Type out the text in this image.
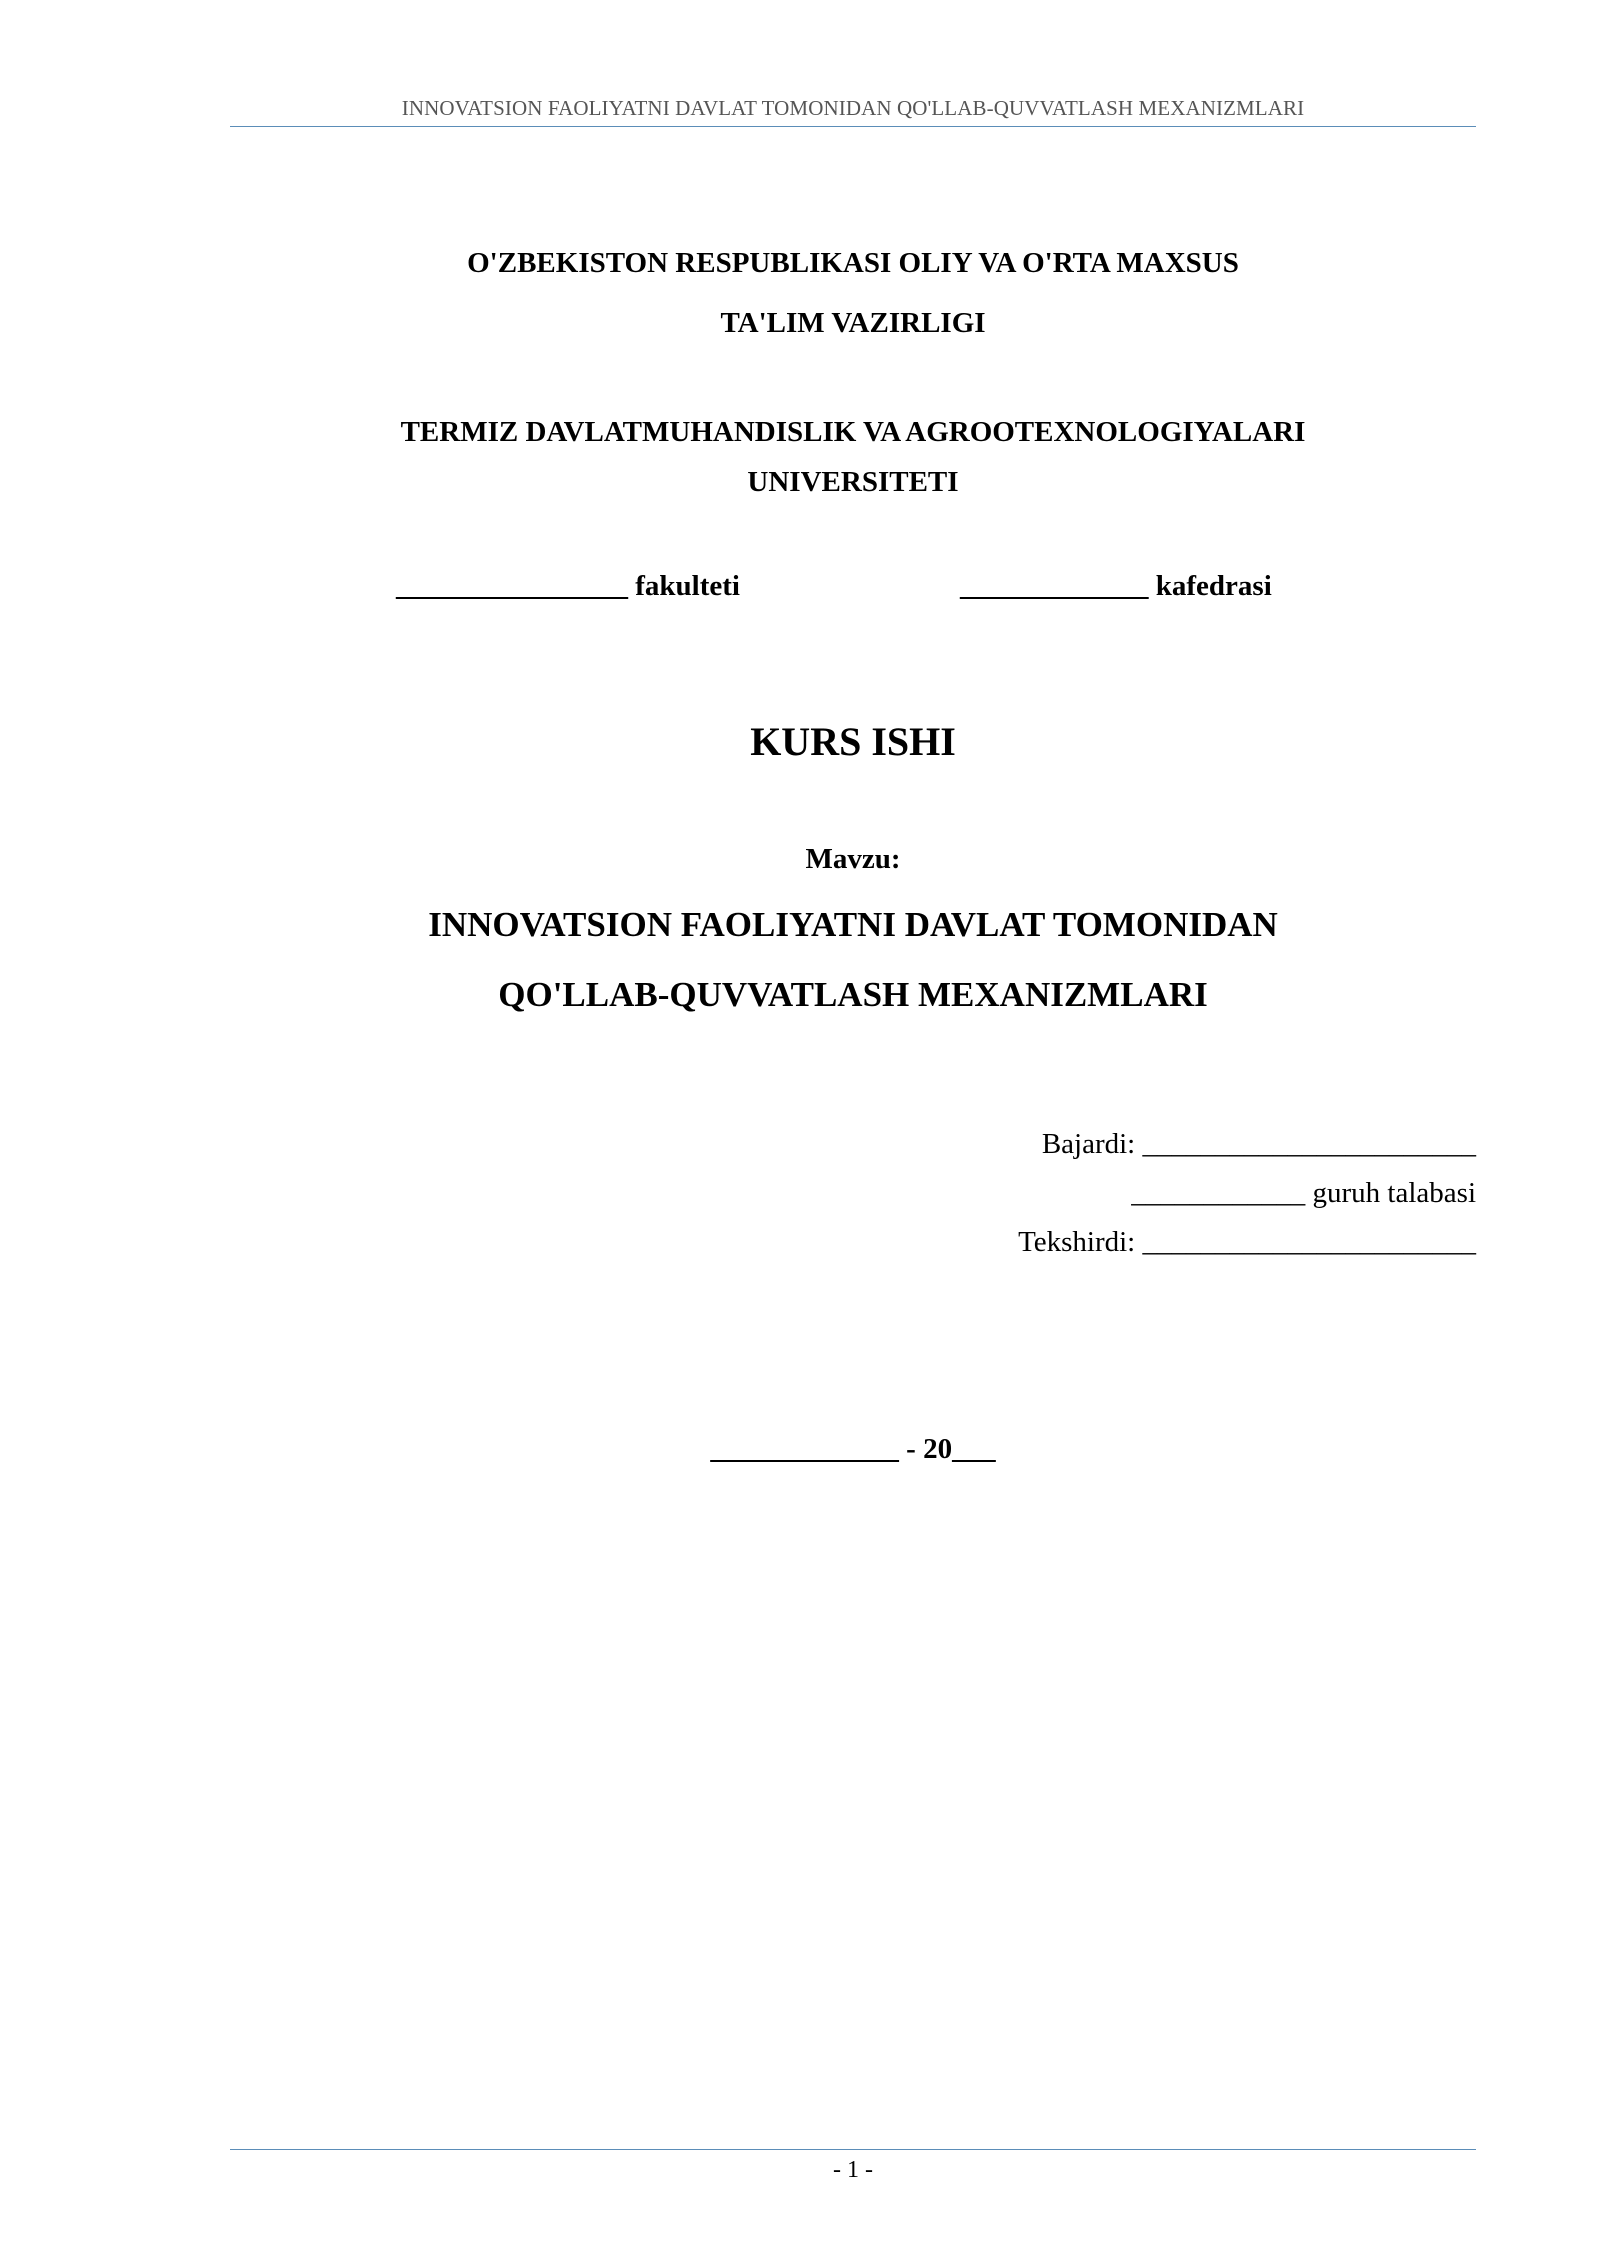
INNOVATSION FAOLIYATNI DAVLAT TOMONIDAN QO'LLAB-QUVVATLASH MEXANIZMLARI
O'ZBEKISTON RESPUBLIKASI OLIY VA O'RTA MAXSUS
TA'LIM VAZIRLIGI
TERMIZ DAVLATMUHANDISLIK VA AGROOTEXNOLOGIYALARI
UNIVERSITETI
________________ fakulteti	_____________ kafedrasi
KURS ISHI
Mavzu:
INNOVATSION FAOLIYATNI DAVLAT TOMONIDAN
QO'LLAB-QUVVATLASH MEXANIZMLARI
Bajardi: _______________________
____________ guruh talabasi
Tekshirdi: _______________________
_____________ - 20___
- 1 -
